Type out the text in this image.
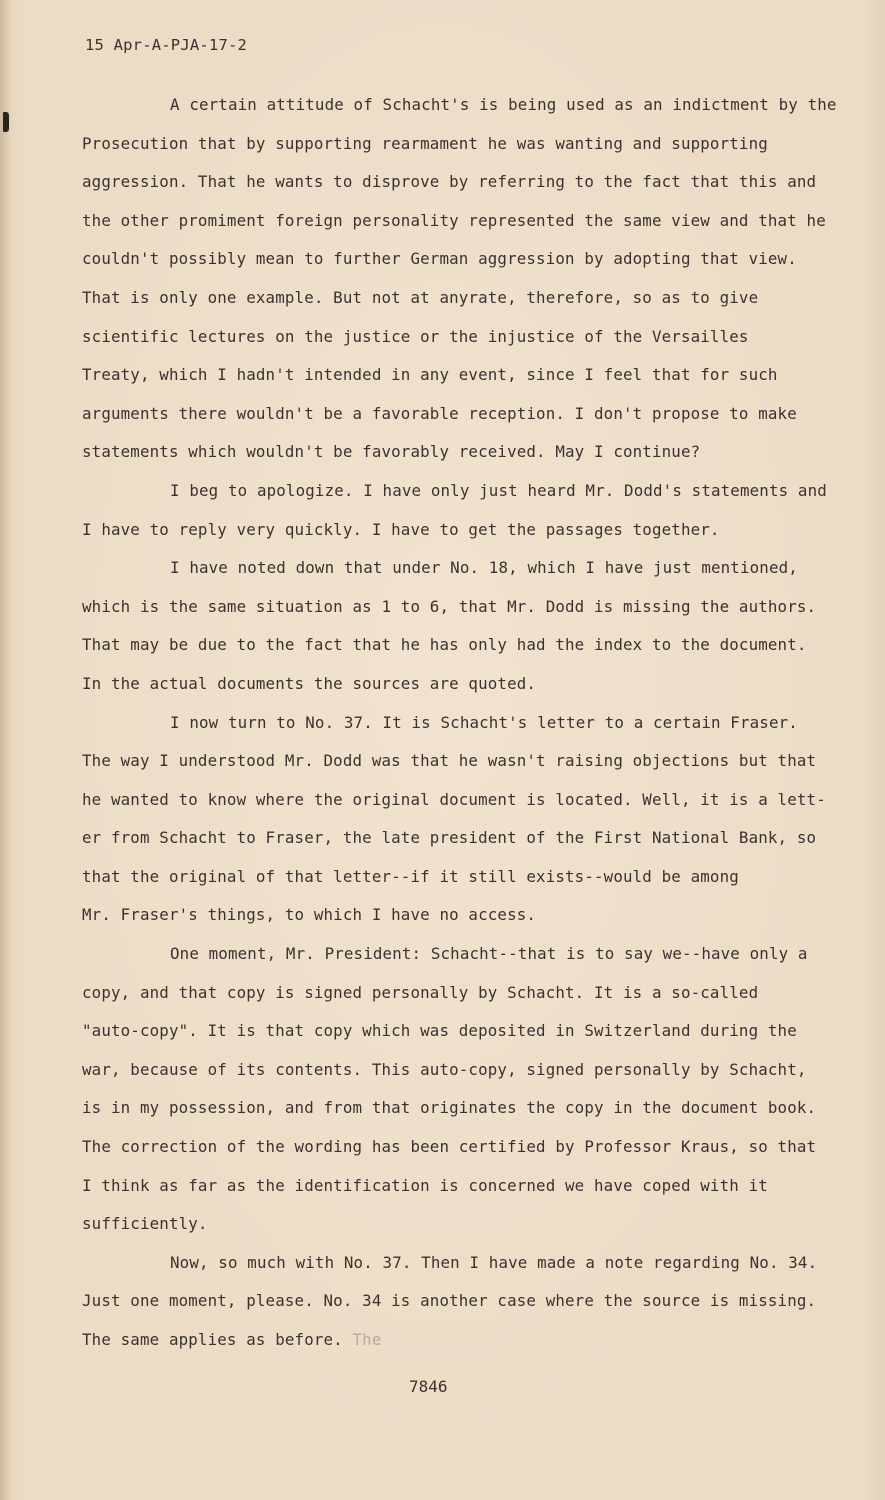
15 Apr-A-PJA-17-2
A certain attitude of Schacht's is being used as an indictment by the
Prosecution that by supporting rearmament he was wanting and supporting
aggression. That he wants to disprove by referring to the fact that this and
the other promiment foreign personality represented the same view and that he
couldn't possibly mean to further German aggression by adopting that view.
That is only one example. But not at anyrate, therefore, so as to give
scientific lectures on the justice or the injustice of the Versailles
Treaty, which I hadn't intended in any event, since I feel that for such
arguments there wouldn't be a favorable reception. I don't propose to make
statements which wouldn't be favorably received. May I continue?
I beg to apologize. I have only just heard Mr. Dodd's statements and
I have to reply very quickly. I have to get the passages together.
I have noted down that under No. 18, which I have just mentioned,
which is the same situation as 1 to 6, that Mr. Dodd is missing the authors.
That may be due to the fact that he has only had the index to the document.
In the actual documents the sources are quoted.
I now turn to No. 37. It is Schacht's letter to a certain Fraser.
The way I understood Mr. Dodd was that he wasn't raising objections but that
he wanted to know where the original document is located. Well, it is a lett-
er from Schacht to Fraser, the late president of the First National Bank, so
that the original of that letter--if it still exists--would be among
Mr. Fraser's things, to which I have no access.
One moment, Mr. President: Schacht--that is to say we--have only a
copy, and that copy is signed personally by Schacht. It is a so-called
"auto-copy". It is that copy which was deposited in Switzerland during the
war, because of its contents. This auto-copy, signed personally by Schacht,
is in my possession, and from that originates the copy in the document book.
The correction of the wording has been certified by Professor Kraus, so that
I think as far as the identification is concerned we have coped with it
sufficiently.
Now, so much with No. 37. Then I have made a note regarding No. 34.
Just one moment, please. No. 34 is another case where the source is missing.
The same applies as before. The
7846
